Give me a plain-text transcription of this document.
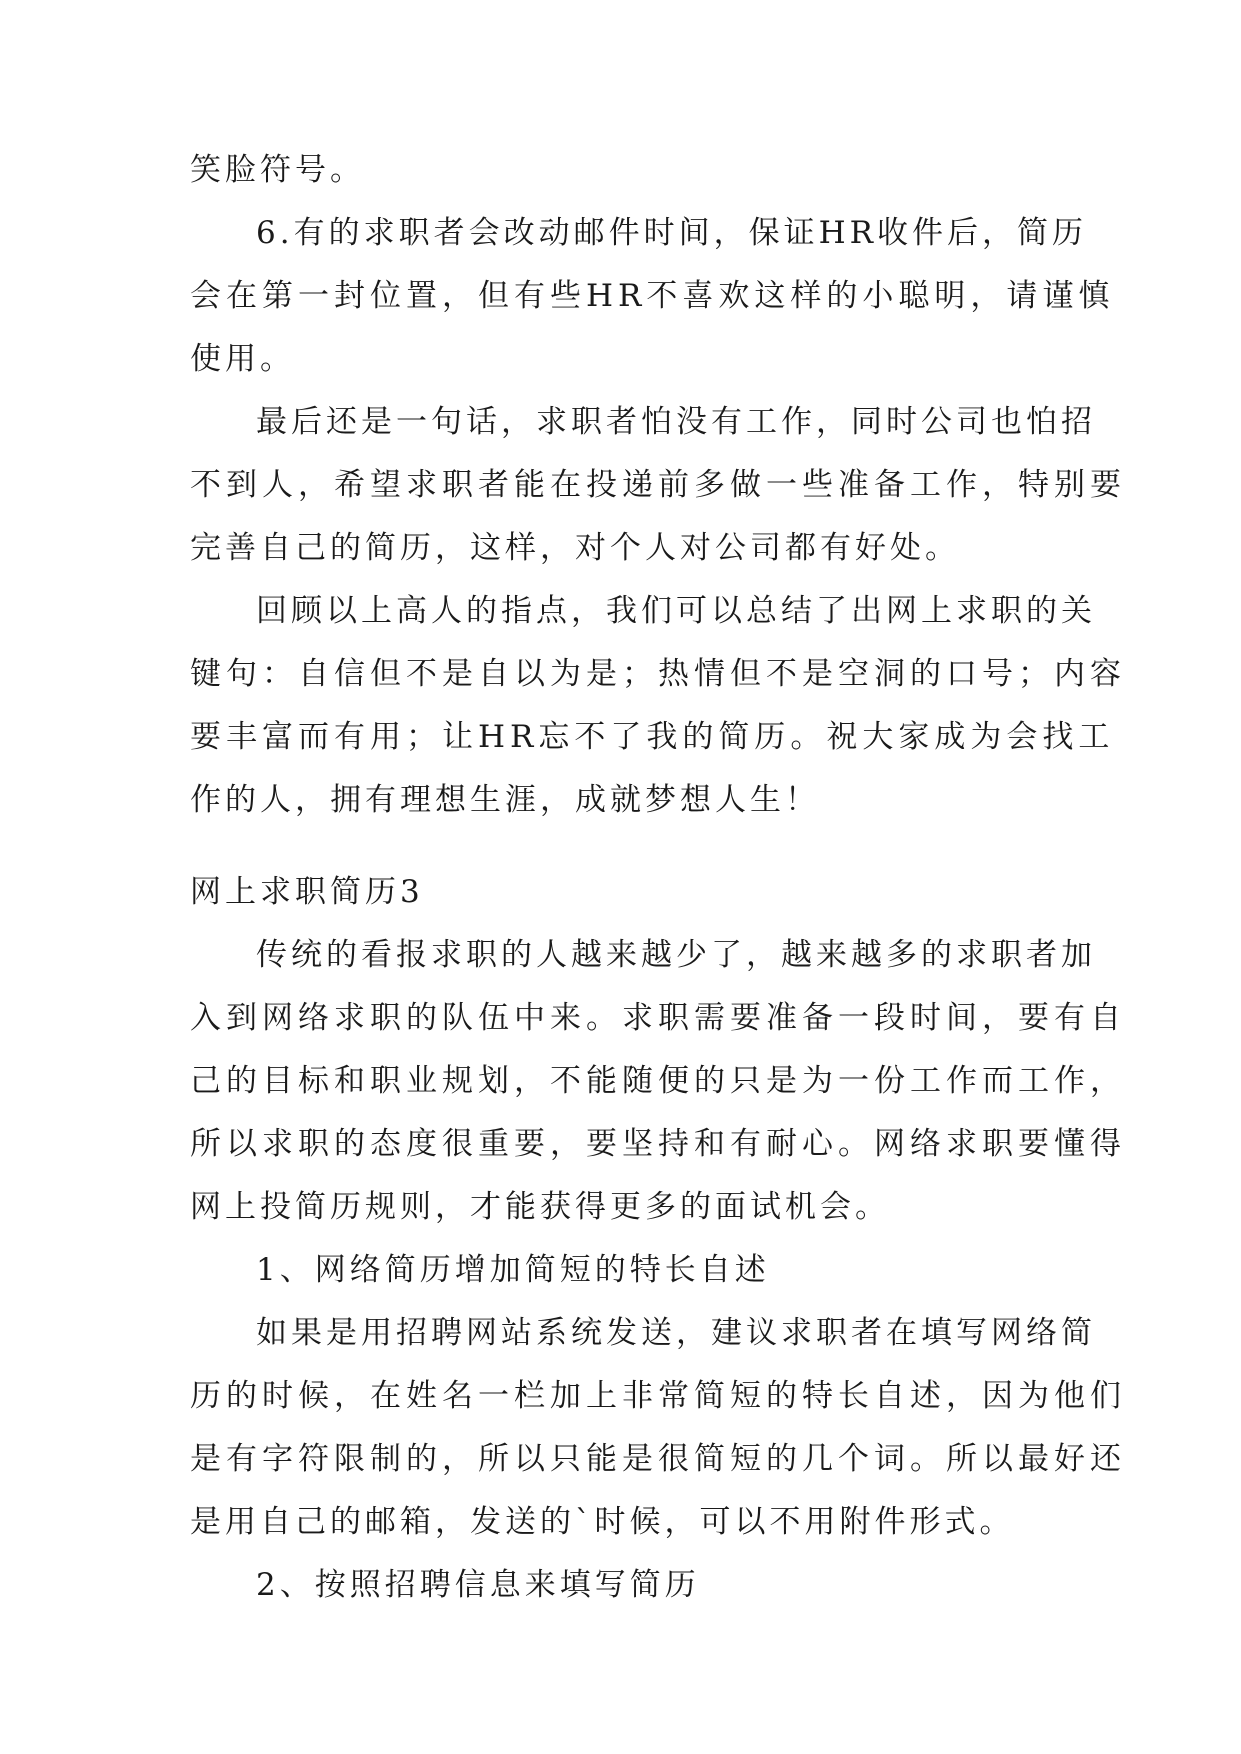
笑脸符号。
6.有的求职者会改动邮件时间，保证HR收件后，简历
会在第一封位置，但有些HR不喜欢这样的小聪明，请谨慎
使用。
最后还是一句话，求职者怕没有工作，同时公司也怕招
不到人，希望求职者能在投递前多做一些准备工作，特别要
完善自己的简历，这样，对个人对公司都有好处。
回顾以上高人的指点，我们可以总结了出网上求职的关
键句：自信但不是自以为是；热情但不是空洞的口号；内容
要丰富而有用；让HR忘不了我的简历。祝大家成为会找工
作的人，拥有理想生涯，成就梦想人生！
网上求职简历3
传统的看报求职的人越来越少了，越来越多的求职者加
入到网络求职的队伍中来。求职需要准备一段时间，要有自
己的目标和职业规划，不能随便的只是为一份工作而工作，
所以求职的态度很重要，要坚持和有耐心。网络求职要懂得
网上投简历规则，才能获得更多的面试机会。
1、网络简历增加简短的特长自述
如果是用招聘网站系统发送，建议求职者在填写网络简
历的时候，在姓名一栏加上非常简短的特长自述，因为他们
是有字符限制的，所以只能是很简短的几个词。所以最好还
是用自己的邮箱，发送的`时候，可以不用附件形式。
2、按照招聘信息来填写简历
